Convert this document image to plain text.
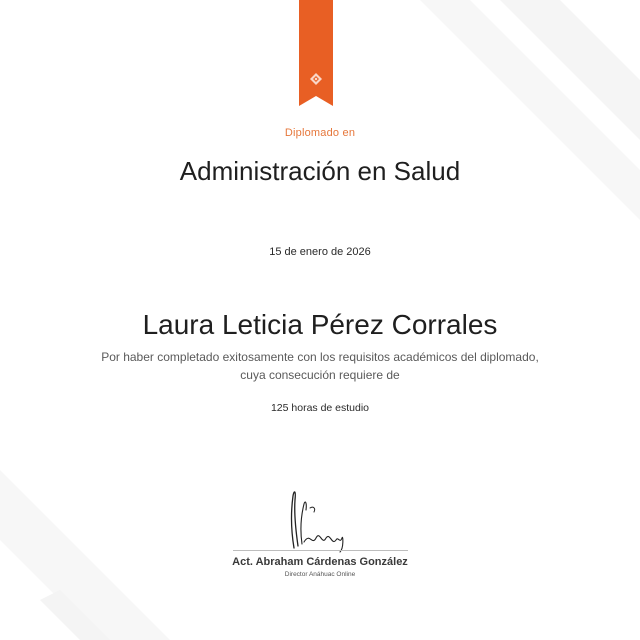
Diplomado en
Administración en Salud
15 de enero de 2026
Laura Leticia Pérez Corrales
Por haber completado exitosamente con los requisitos académicos del diplomado,
cuya consecución requiere de
125 horas de estudio
Act. Abraham Cárdenas González
Director Anáhuac Online
